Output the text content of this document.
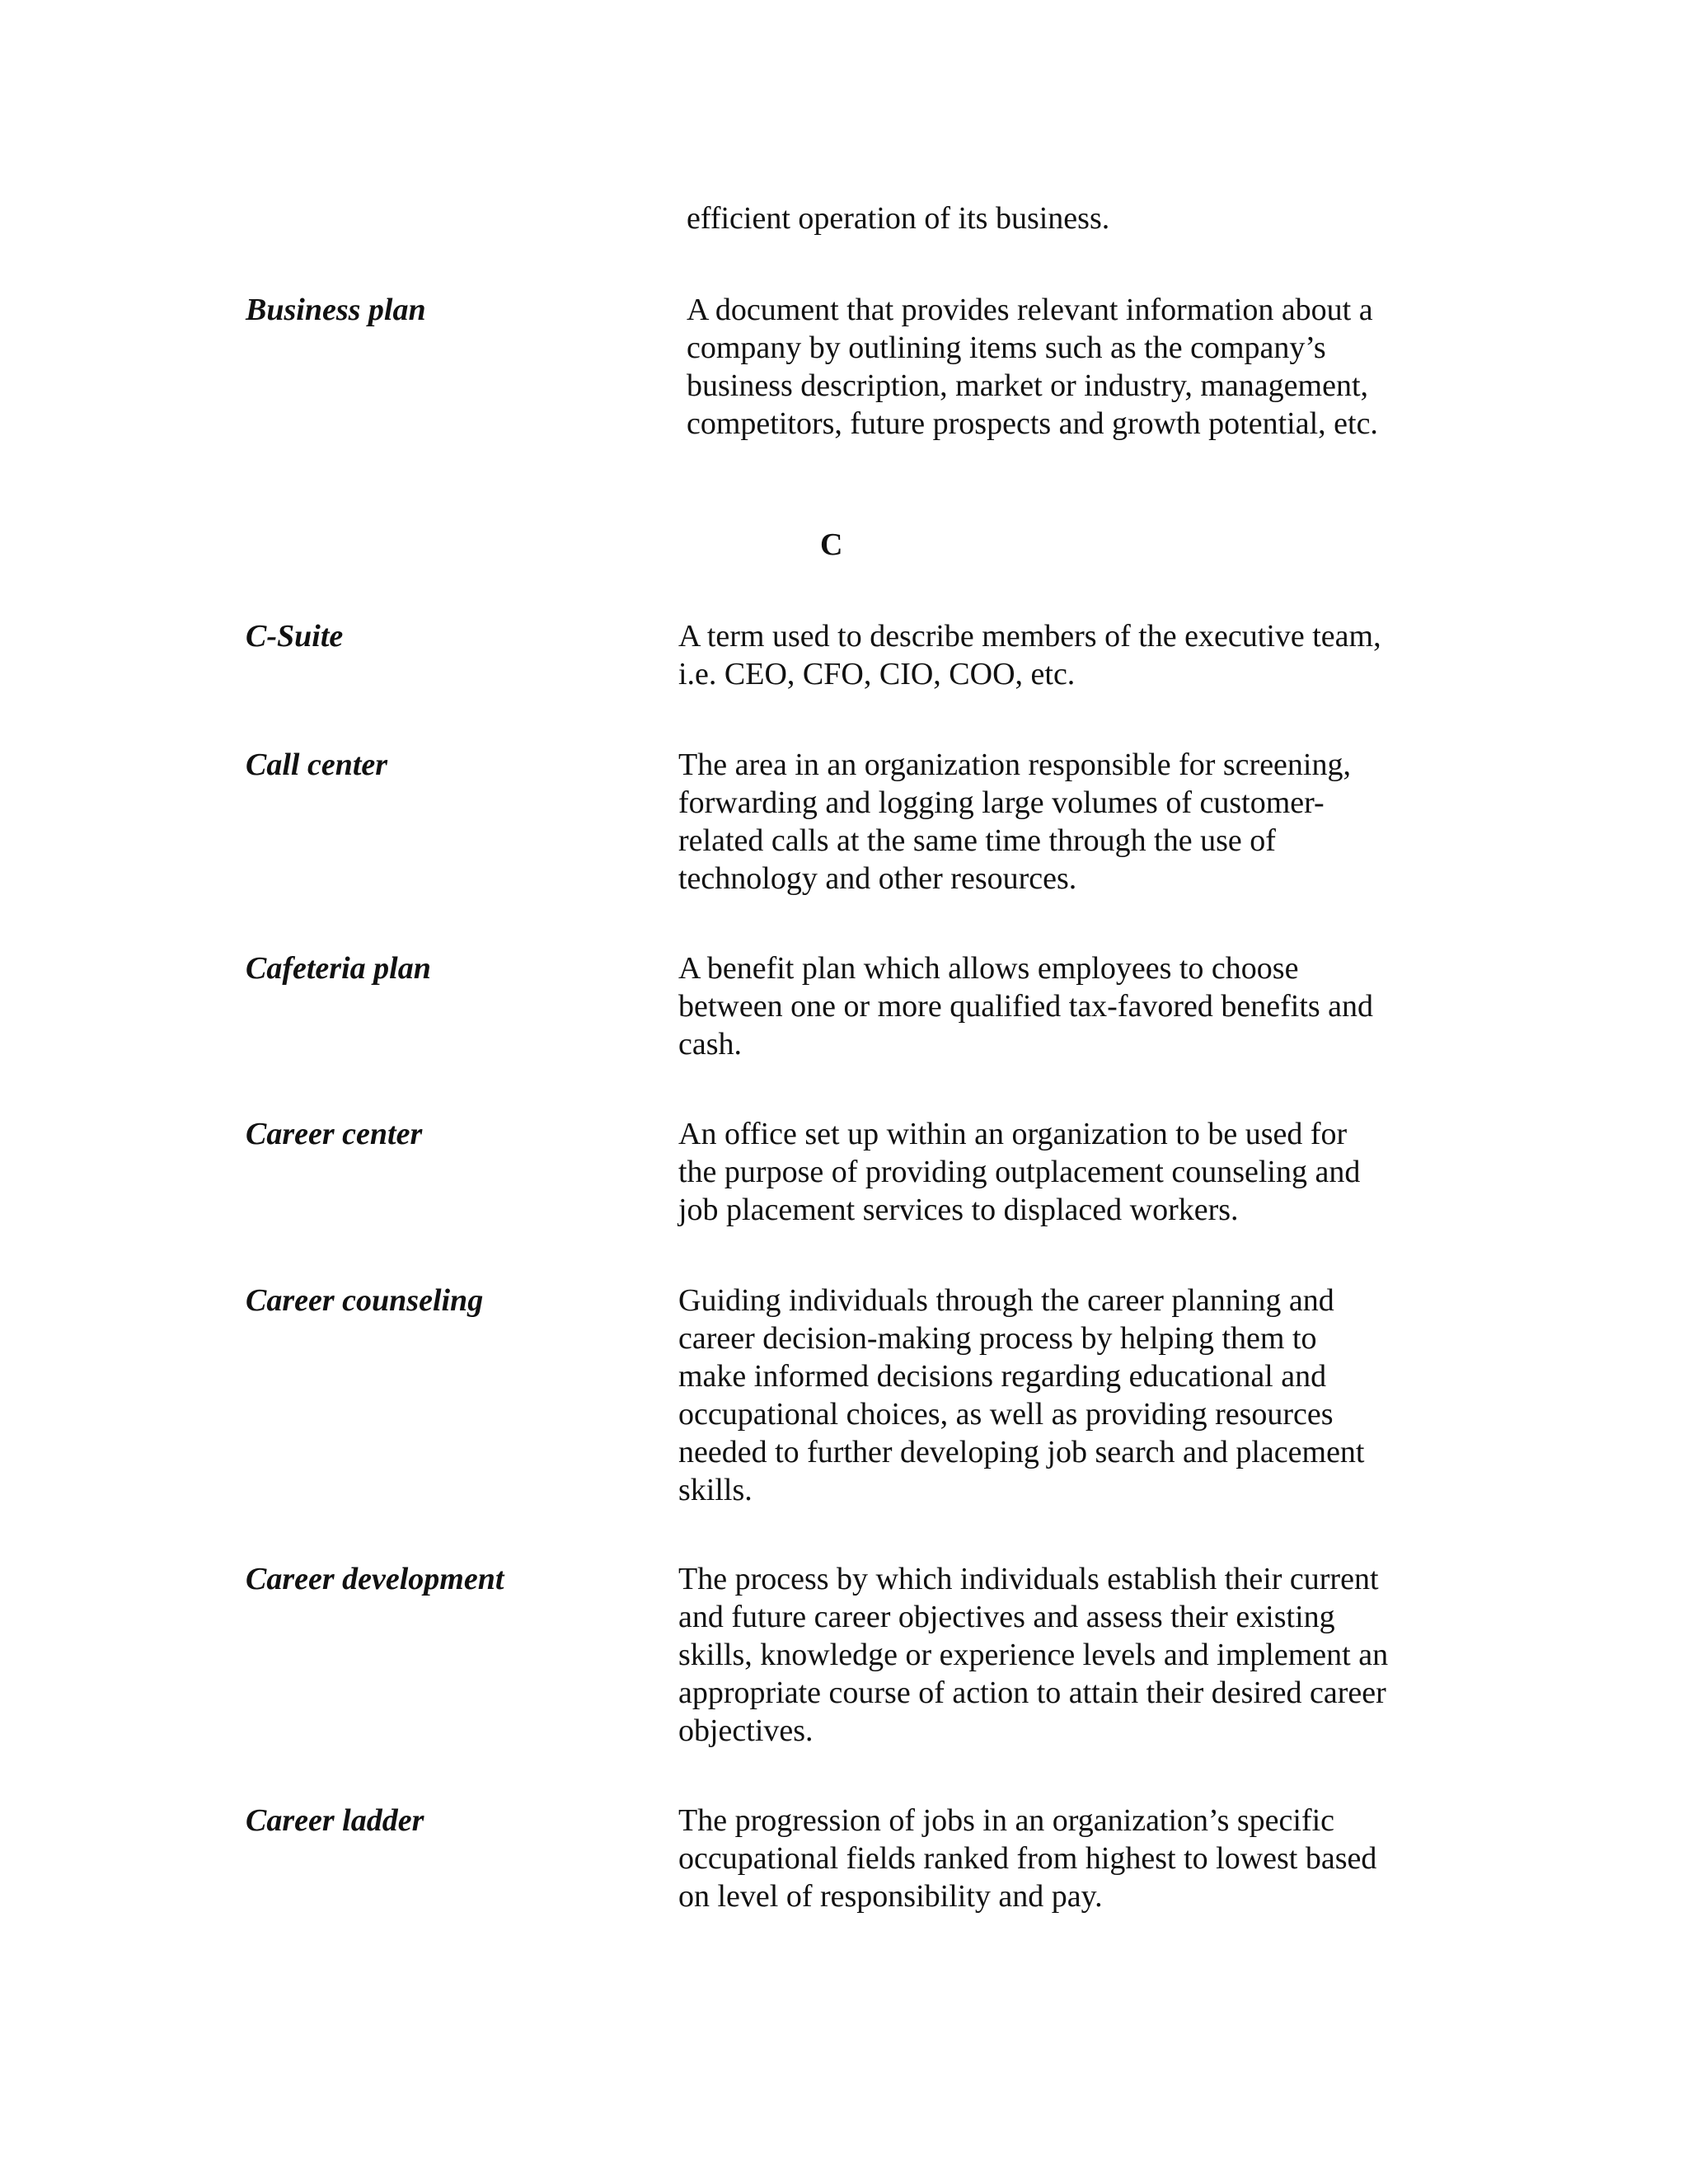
efficient operation of its business.

Business plan	A document that provides relevant information about a
company by outlining items such as the company’s
business description, market or industry, management,
competitors, future prospects and growth potential, etc.

C

C-Suite	A term used to describe members of the executive team,
i.e. CEO, CFO, CIO, COO, etc.

Call center	The area in an organization responsible for screening,
forwarding and logging large volumes of customer-
related calls at the same time through the use of
technology and other resources.

Cafeteria plan	A benefit plan which allows employees to choose
between one or more qualified tax-favored benefits and
cash.

Career center	An office set up within an organization to be used for
the purpose of providing outplacement counseling and
job placement services to displaced workers.

Career counseling	Guiding individuals through the career planning and
career decision-making process by helping them to
make informed decisions regarding educational and
occupational choices, as well as providing resources
needed to further developing job search and placement
skills.

Career development	The process by which individuals establish their current
and future career objectives and assess their existing
skills, knowledge or experience levels and implement an
appropriate course of action to attain their desired career
objectives.

Career ladder	The progression of jobs in an organization’s specific
occupational fields ranked from highest to lowest based
on level of responsibility and pay.
